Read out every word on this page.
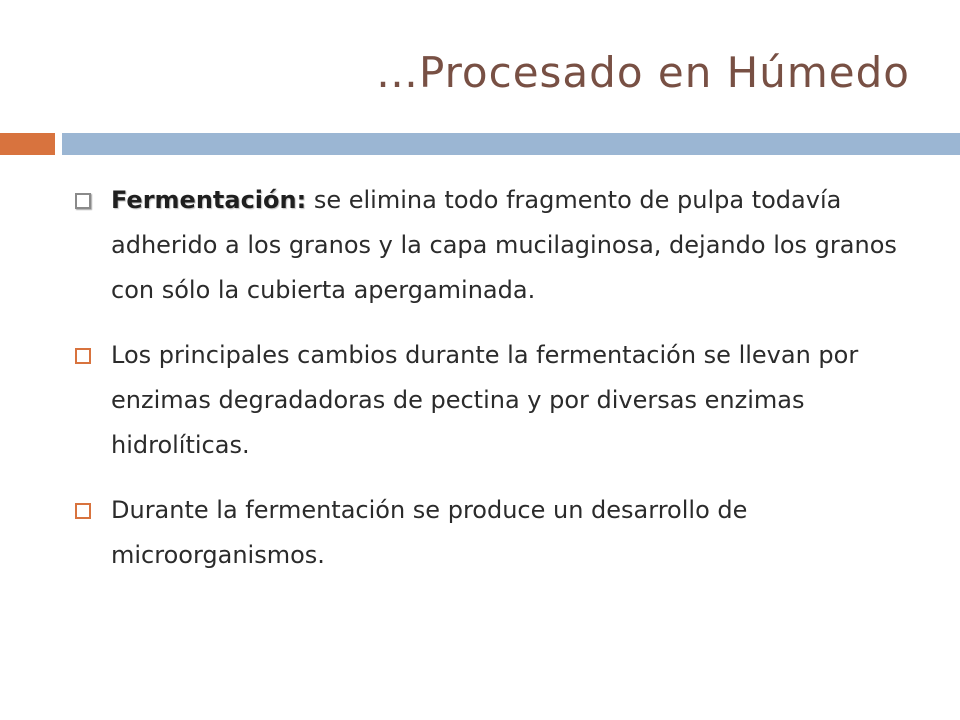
…Procesado en Húmedo
Fermentación: se elimina todo fragmento de pulpa todavía adherido a los granos y la capa mucilaginosa, dejando los granos con sólo la cubierta apergaminada.
Los principales cambios durante la fermentación se llevan por enzimas degradadoras de pectina y por diversas enzimas hidrolíticas.
Durante la fermentación se produce un desarrollo de microorganismos.
